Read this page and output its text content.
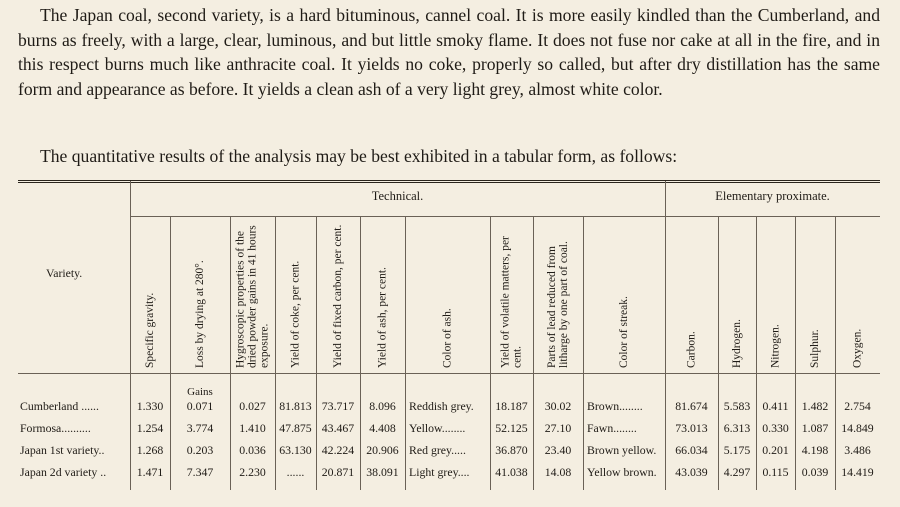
The Japan coal, second variety, is a hard bituminous, cannel coal. It is more easily kindled than the Cumberland, and burns as freely, with a large, clear, luminous, and but little smoky flame. It does not fuse nor cake at all in the fire, and in this respect burns much like anthracite coal. It yields no coke, properly so called, but after dry distillation has the same form and appearance as before. It yields a clean ash of a very light grey, almost white color.

The quantitative results of the analysis may be best exhibited in a tabular form, as follows:

Technical.	Elementary proximate.
Variety.
Specific gravity.	Loss by drying at 280°.	Hygroscopic properties of the dried powder gains in 41 hours exposure.	Yield of coke, per cent.	Yield of fixed carbon, per cent.	Yield of ash, per cent.	Color of ash.	Yield of volatile matters, per cent.	Parts of lead reduced from litharge by one part of coal.	Color of streak.	Carbon.	Hydrogen.	Nitrogen.	Sulphur.	Oxygen.
Gains
Cumberland ......	1.330	0.071	0.027	81.813 73.717	8.096	Reddish grey.	18.187	30.02	Brown........	81.674	5.583	0.411	1.482	2.754
Formosa..........	1.254	3.774	1.410	47.875 43.467	4.408	Yellow........	52.125	27.10	Fawn........	73.013	6.313	0.330	1.087	14.849
Japan 1st variety..	1.268	0.203	0.036	63.130 42.224	20.906 Red grey.....	36.870	23.40	Brown yellow.	66.034	5.175	0.201	4.198	3.486
Japan 2d variety ..	1.471	7.347	2.230	......	20.871	38.091 Light grey....	41.038	14.08	Yellow brown.	43.039	4.297	0.115	0.039	14.419
